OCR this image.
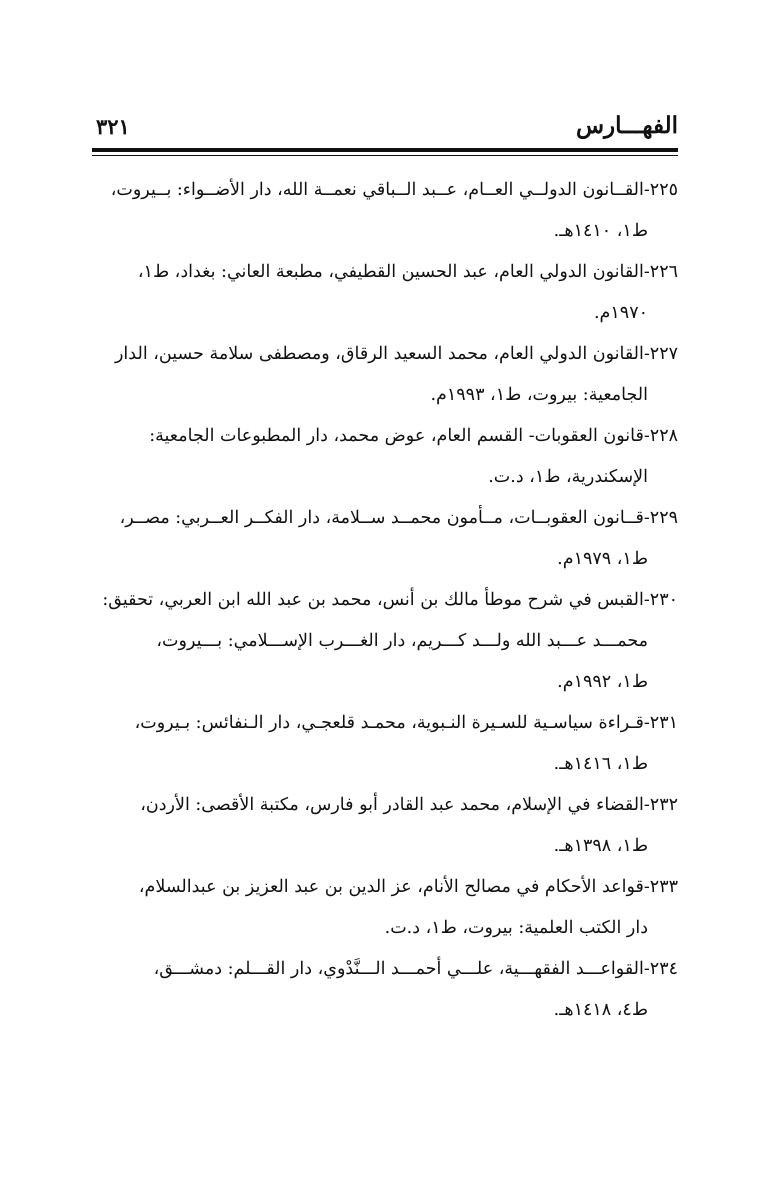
الفهـــارس
٣٢١

٢٢٥-القــانون الدولــي العــام، عــبد الــباقي نعمــة الله، دار الأضــواء: بــيروت،
ط١، ١٤١٠هـ.

٢٢٦-القانون الدولي العام، عبد الحسين القطيفي، مطبعة العاني: بغداد، ط١،
١٩٧٠م.

٢٢٧-القانون الدولي العام، محمد السعيد الرقاق، ومصطفى سلامة حسين، الدار
الجامعية: بيروت، ط١، ١٩٩٣م.

٢٢٨-قانون العقوبات- القسم العام، عوض محمد، دار المطبوعات الجامعية:
الإسكندرية، ط١، د.ت.

٢٢٩-قــانون العقوبــات، مــأمون محمــد ســلامة، دار الفكــر العــربي: مصــر،
ط١، ١٩٧٩م.

٢٣٠-القبس في شرح موطأ مالك بن أنس، محمد بن عبد الله ابن العربي، تحقيق:
محمـــد عـــبد الله ولـــد كـــريم، دار الغـــرب الإســـلامي: بـــيروت،
ط١، ١٩٩٢م.

٢٣١-قـراءة سياسـية للسـيرة النـبوية، محمـد قلعجـي، دار الـنفائس: بـيروت،
ط١، ١٤١٦هـ.

٢٣٢-القضاء في الإسلام، محمد عبد القادر أبو فارس، مكتبة الأقصى: الأردن،
ط١، ١٣٩٨هـ.

٢٣٣-قواعد الأحكام في مصالح الأنام، عز الدين بن عبد العزيز بن عبدالسلام،
دار الكتب العلمية: بيروت، ط١، د.ت.

٢٣٤-القواعـــد الفقهـــية، علـــي أحمـــد الـــنَّدْوي، دار القـــلم: دمشـــق،
ط٤، ١٤١٨هـ.
